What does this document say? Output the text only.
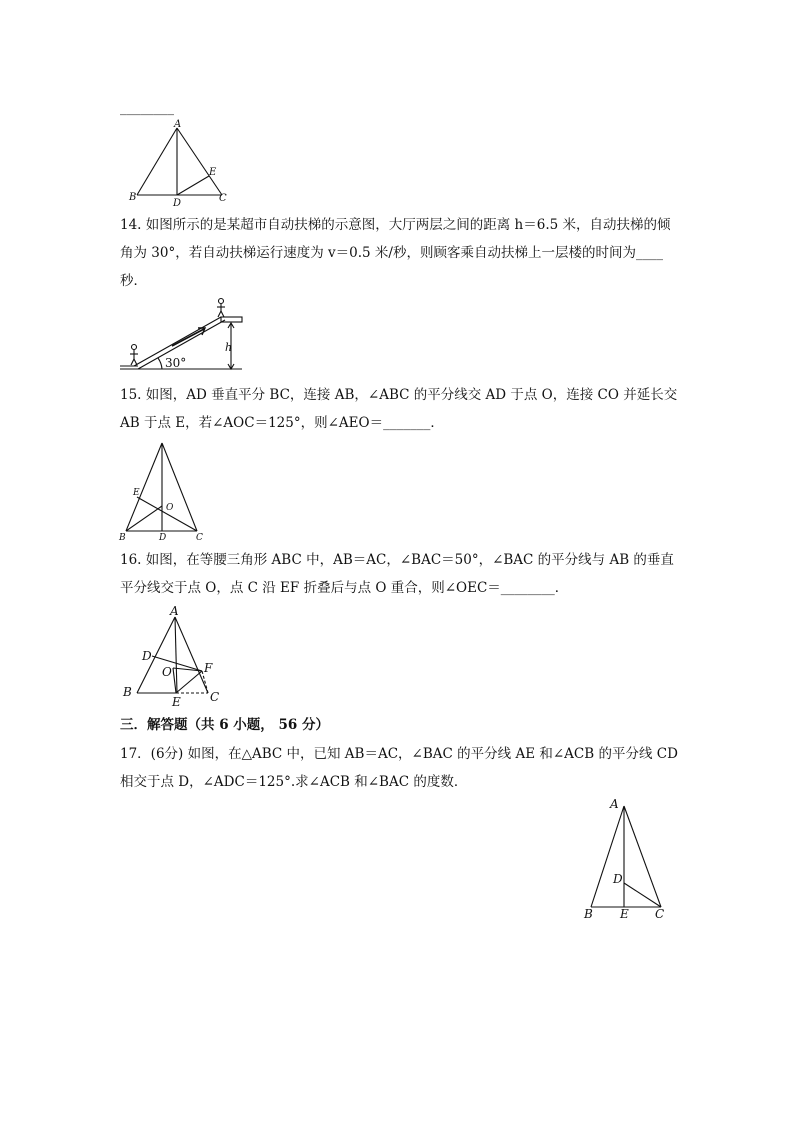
________
A
B
D
E
C
14. 如图所示的是某超市自动扶梯的示意图，大厅两层之间的距离 h＝6.5 米，自动扶梯的倾
角为 30°，若自动扶梯运行速度为 v＝0.5 米/秒，则顾客乘自动扶梯上一层楼的时间为____
秒．
h
30°
15. 如图，AD 垂直平分 BC，连接 AB，∠ABC 的平分线交 AD 于点 O，连接 CO 并延长交
AB 于点 E，若∠AOC＝125°，则∠AEO＝_______．
E
O
B	D	C
16. 如图，在等腰三角形 ABC 中，AB＝AC，∠BAC＝50°，∠BAC 的平分线与 AB 的垂直
平分线交于点 O，点 C 沿 EF 折叠后与点 O 重合，则∠OEC＝________．
A
D
O	F
B
E C
三．解答题（共 6 小题， 56 分）
17．(6分) 如图，在△ABC 中，已知 AB＝AC，∠BAC 的平分线 AE 和∠ACB 的平分线 CD
相交于点 D，∠ADC＝125°.求∠ACB 和∠BAC 的度数．
A
D
B E C
